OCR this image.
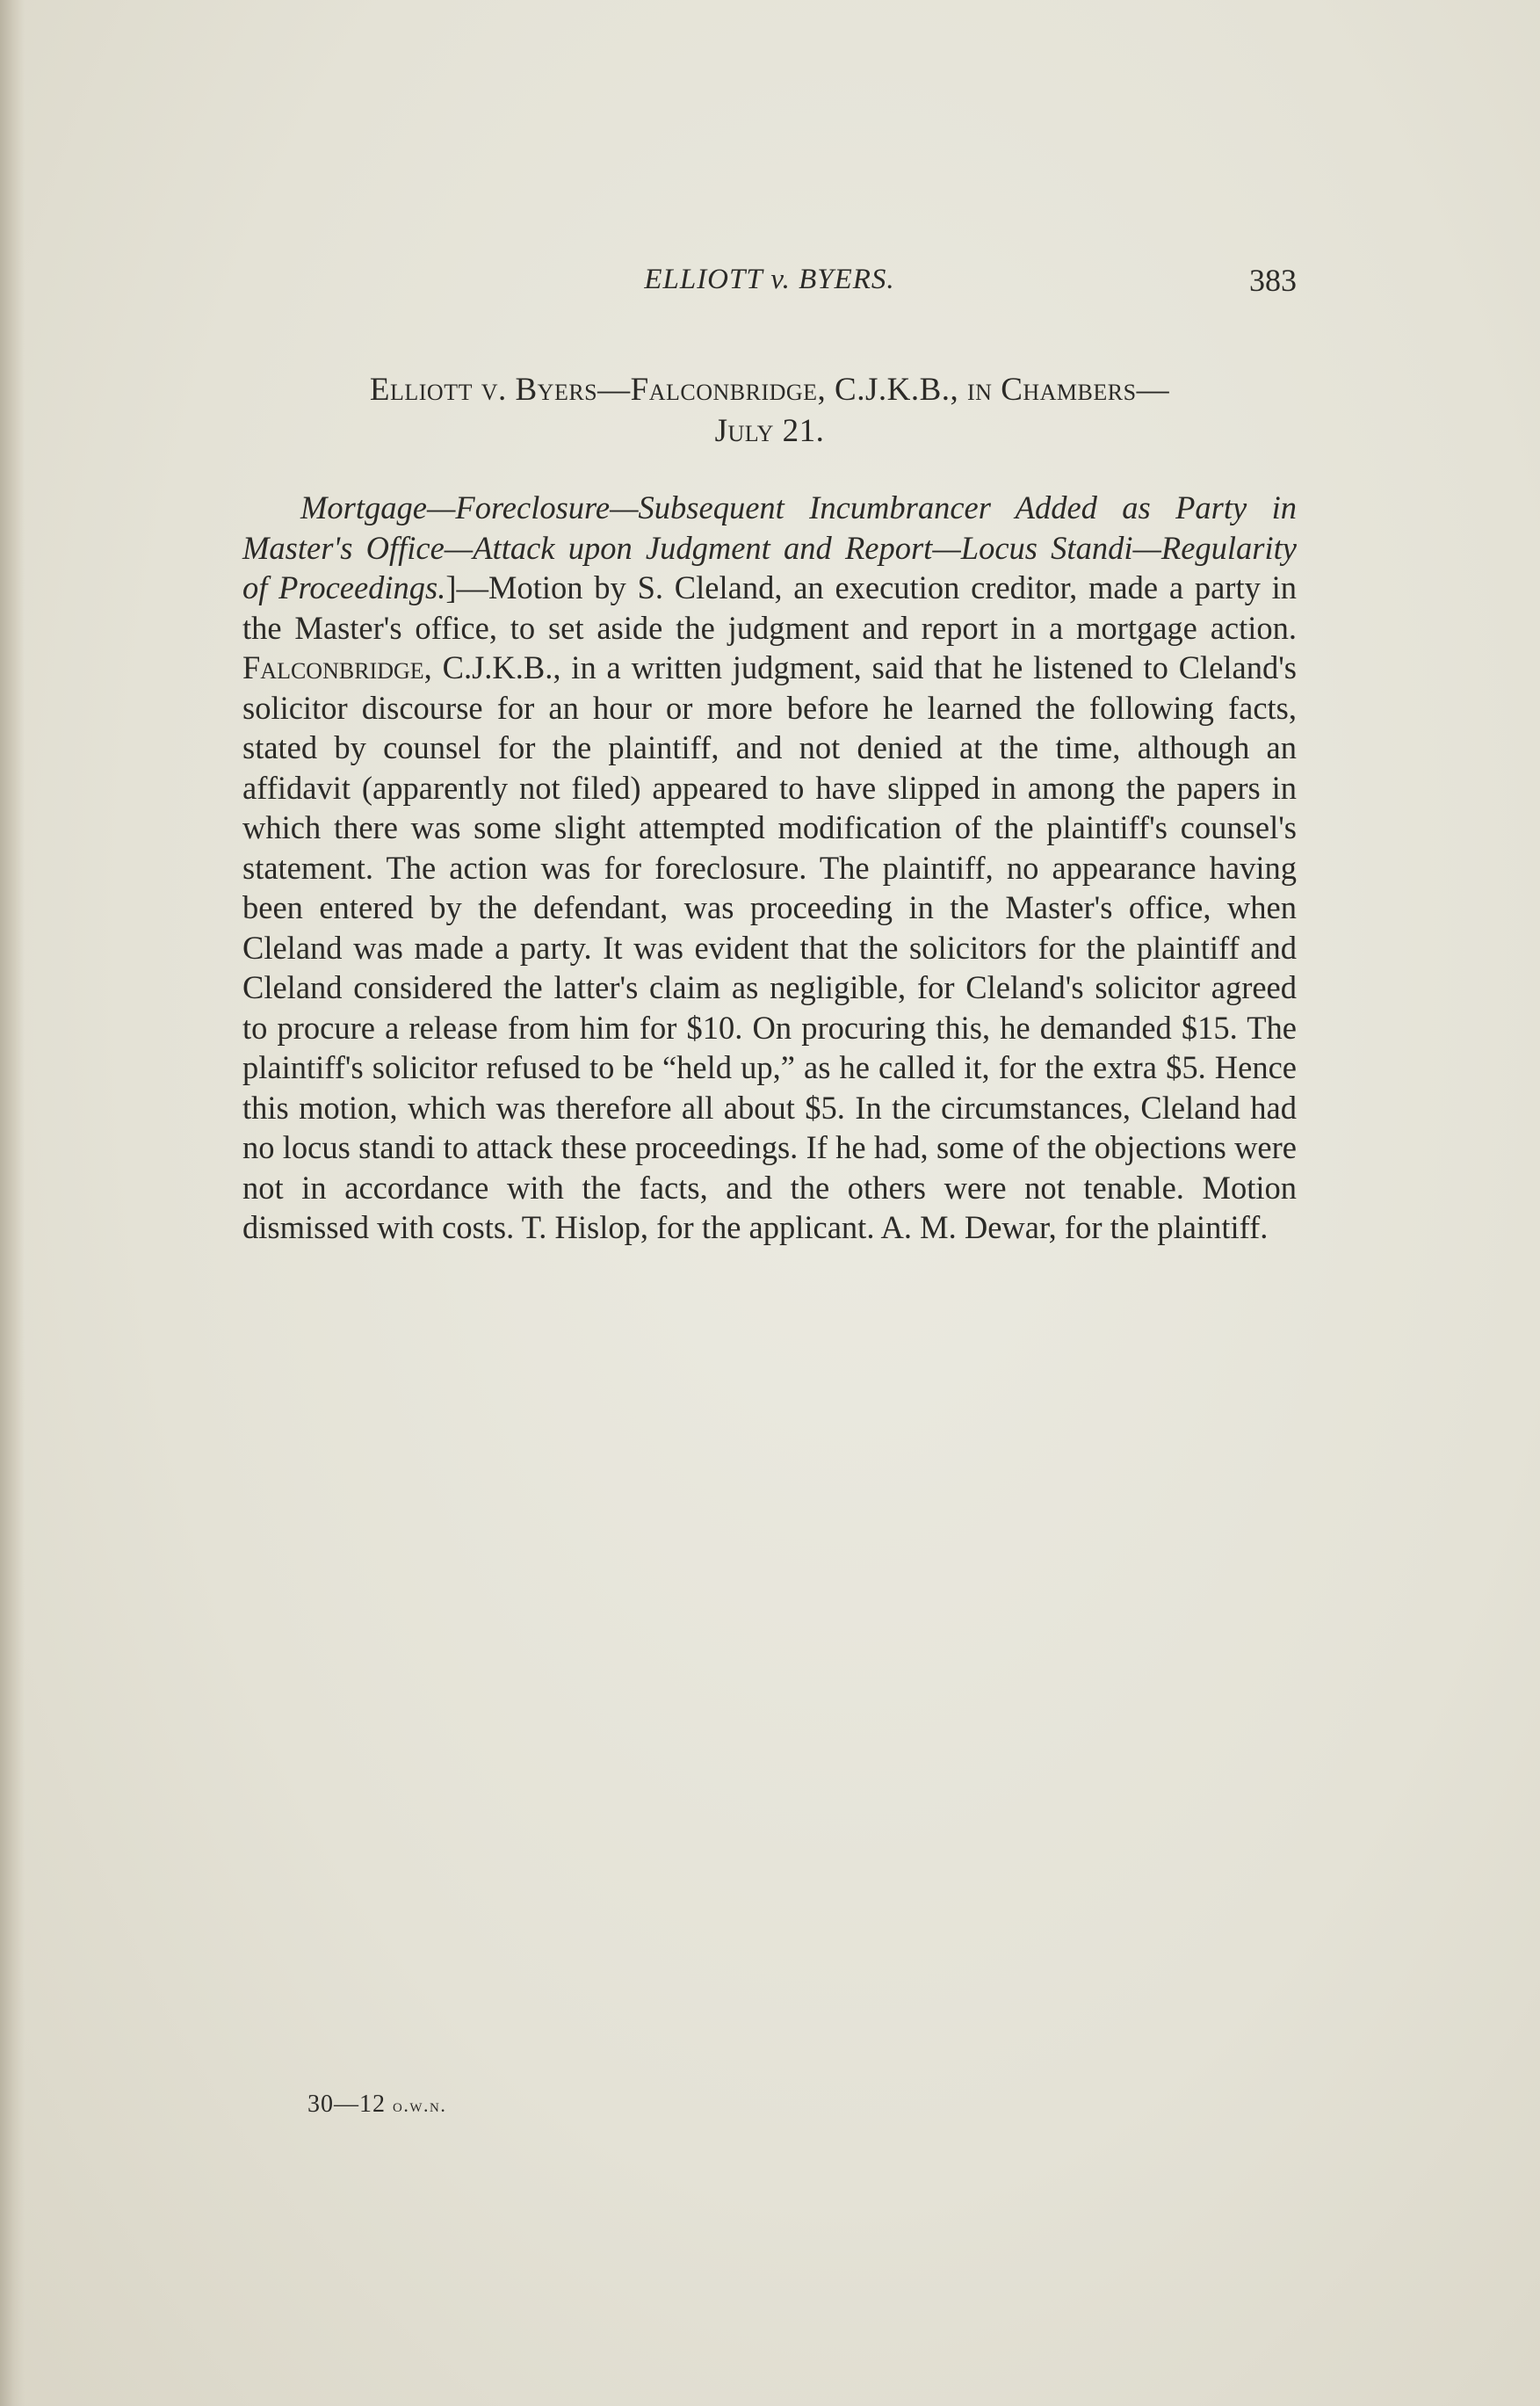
ELLIOTT v. BYERS.	383
Elliott v. Byers—Falconbridge, C.J.K.B., in Chambers—
July 21.

Mortgage—Foreclosure—Subsequent Incumbrancer Added as Party in Master's Office—Attack upon Judgment and Report—Locus Standi—Regularity of Proceedings.]—Motion by S. Cleland, an execution creditor, made a party in the Master's office, to set aside the judgment and report in a mortgage action. Falconbridge, C.J.K.B., in a written judgment, said that he listened to Cleland's solicitor discourse for an hour or more before he learned the following facts, stated by counsel for the plaintiff, and not denied at the time, although an affidavit (apparently not filed) appeared to have slipped in among the papers in which there was some slight attempted modification of the plaintiff's counsel's statement. The action was for foreclosure. The plaintiff, no appearance having been entered by the defendant, was proceeding in the Master's office, when Cleland was made a party. It was evident that the solicitors for the plaintiff and Cleland considered the latter's claim as negligible, for Cleland's solicitor agreed to procure a release from him for $10. On procuring this, he demanded $15. The plaintiff's solicitor refused to be “held up,” as he called it, for the extra $5. Hence this motion, which was therefore all about $5. In the circumstances, Cleland had no locus standi to attack these proceedings. If he had, some of the objections were not in accordance with the facts, and the others were not tenable. Motion dismissed with costs. T. Hislop, for the applicant. A. M. Dewar, for the plaintiff.

30—12 o.w.n.
